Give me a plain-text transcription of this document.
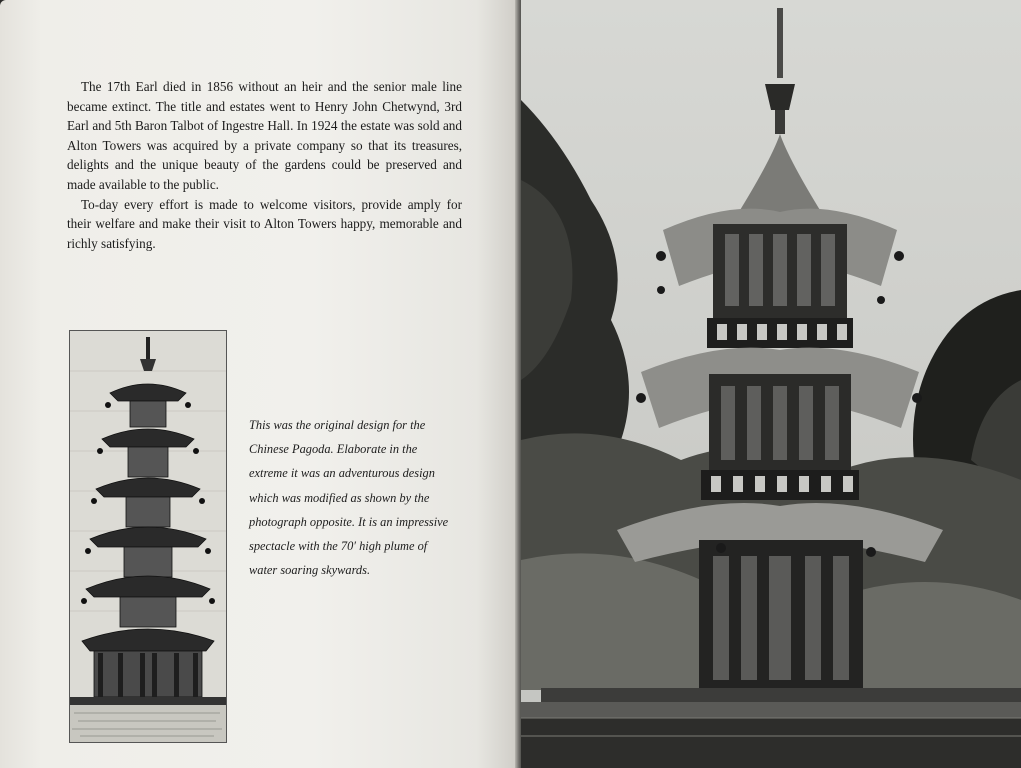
The 17th Earl died in 1856 without an heir and the senior male line became extinct. The title and estates went to Henry John Chetwynd, 3rd Earl and 5th Baron Talbot of Ingestre Hall. In 1924 the estate was sold and Alton Towers was acquired by a private company so that its treasures, delights and the unique beauty of the gardens could be preserved and made available to the public.

To-day every effort is made to welcome visitors, provide amply for their welfare and make their visit to Alton Towers happy, memorable and richly satisfying.

This was the original design for the Chinese Pagoda. Elaborate in the extreme it was an adventurous design which was modified as shown by the photograph opposite. It is an impressive spectacle with the 70′ high plume of water soaring skywards.
